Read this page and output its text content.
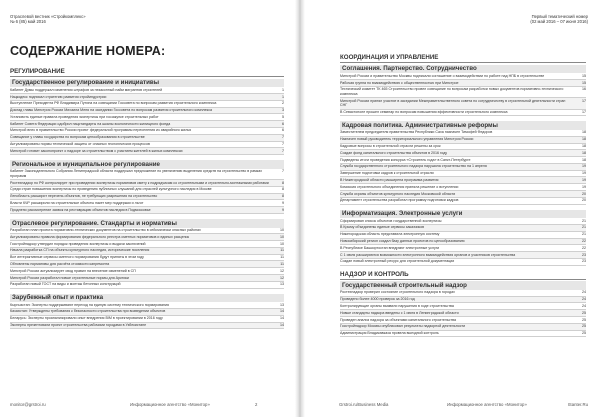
Отраслевой вестник «Стройкомплекс»
№ 6 (85) май 2016
СОДЕРЖАНИЕ НОМЕРА:
РЕГУЛИРОВАНИЕ
Государственное регулирование и инициативы
Кабинет Думы поддержал изменения штрафов за незаконный найм мигрантов строителей	1
Нацкодекс подписал стратегию развития стройиндустрии	1
Выступление Президента РФ Владимира Путина на совещании Госсовета по вопросам развития строительного комплекса	2
Доклад главы Минстроя России Михаила Меня на заседании Госсовета по вопросам развития строительного комплекса	3
Установить единые правила проведения экспертизы при госзакупке строительных работ	5
Кабинет Совета Федерации одобрил нацстандарты на шкалы экологичности жилищного фонда	6
Минстрой внес в правительство России проект федеральной программы переселения из аварийного жилья	6
Совещание у главы государства по вопросам ценообразования в строительстве	7
Актуализированы нормы технической защиты от опасных геологических процессов	7
Минстрой готовит законопроект о надзоре за строительством с участием жителей в жилых комплексах	7
Региональное и муниципальное регулирование
Кабинет Законодательного Собрания Ленинградской области поддержал предложение по увеличению выделения средств на строительство в рамках программ
7
Ростехнадзор по РФ контролирует при проведении экспертизы нормативов смету к подрядчикам со строительными и строительно-монтажными работами	8
Среди стран повышения экспертизы по проведению публичных слушаний для отраслей культурного наследия в Москве	8
Ленобласть расширит перечень объектов, не требующих разрешения на строительство	8
Власти КЧР расширили на строительные объекты пакет мер поддержки и льгот	9
Продлено рассмотрение заявок на реставрацию объектов наследия в Подмосковье	9
Отраслевое регулирование. Стандарты и нормативы
Разработан план проекта нормативно-технических документов на строительство в сейсмически опасных районах	10
Актуализированы правила формирования федерального реестра сметных нормативов и единых расценок	10
Госстройнадзор утвердил порядок проведения экспертизы и выдачи заключений	10
Начала разработка СП на объекты культурного наследия, исторические поселения	11
Все интерактивные сервисы сметного нормирования будут приняты в этом году	11
Обновлены нормативы для расчёта стоимости капремонта	11
Минстрой России актуализирует свод правил на внесение изменений в СП	12
Минстрой России разработал новые строительные нормы для Арктики	12
Разработан новый ГОСТ на виды и монтаж бетонных конструкций	13
Зарубежный опыт и практика
Кыргызстан: Эксперты поддерживают переход на единую систему технического нормирования	13
Казахстан: Утверждены требования к безопасности строительства при возведении объектов	14
Беларусь: Эксперты проанализировали опыт внедрения BIM в проектировании в 2016 году	14
Эксперты презентовали проект строительства рабочими городами в Узбекистане	14
monitor@grstroi.ru	Информационное агентство «Монитор»	2
Первый тематический номер
(02 май 2016 – 07 июня 2016)
КООРДИНАЦИЯ И УПРАВЛЕНИЕ
Соглашения. Партнерство. Сотрудничество
Минстрой России и правительство Москвы подписали соглашение о взаимодействии по работе над НПБ в строительстве	15
Рабочая группа по взаимодействию с общественностью при Минстрое	15
Технический комитет ТК 465 Строительство провел совещание по вопросам разработки новых документов нормативно-технического комплекса
16
Минстрой России принял участие в заседании Межправительственного совета по сотрудничеству в строительной деятельности стран СНГ
17
В Севастополе прошел семинар по вопросам повышения эффективности строительного комплекса	17
Кадровая политика. Административные реформы
Заместителем председателя правительства Республики Саха назначен Тимофей Федоров	18
Назначен новый руководитель территориального управления Минстроя России	18
Кадровые вопросы в строительной отрасли решены за срок	18
Создан фонд капитального строительства объектов в 2016 году	18
Подведены итоги проведения конкурса «Строитель года» в Санкт-Петербурге	18
Служба государственного строительного надзора нарушила строительство на 1 апреля	19
Завершение подготовки кадров к строительной отрасли	19
В Нижегородской области расширена программа развития	19
Комиссия строительного объединения приняла решение о вступлении	19
Служба охраны объектов культурного наследия Московской области	20
Департамент строительства разработал программу подготовки кадров	20
Информатизация. Электронные услуги
Сформирован список объектов государственной экспертизы	21
В Крыму объединены единые сервисы заказчиков	21
Нижегородская область представила электронную систему	21
Новосибирский регион создал базу данных проектов по ценообразованию	22
В Республике Башкортостан внедряют электронные услуги	22
С 1 июля расширяются возможности электронного взаимодействия органов и участников строительства	23
Создан новый электронный ресурс для строительной документации	23
НАДЗОР И КОНТРОЛЬ
Государственный строительный надзор
Ростехнадзор проверил состояние строительного надзора в городах	24
Проведено более 4000 проверок за 2016 год	24
Контролирующие органы выявили нарушения в ходе строительства	24
Новые стандарты надзора введены с 1 июня в Ленинградской области	25
Проведен анализ надзора за объектами капитального строительства	25
Госстройнадзор Москвы опубликовал результаты надзорной деятельности	25
Администрация Владикавказа провела выездной контроль	25
Grstroi.ru/Business Media	Информационное агентство «Монитор»	ISanter.Ru
